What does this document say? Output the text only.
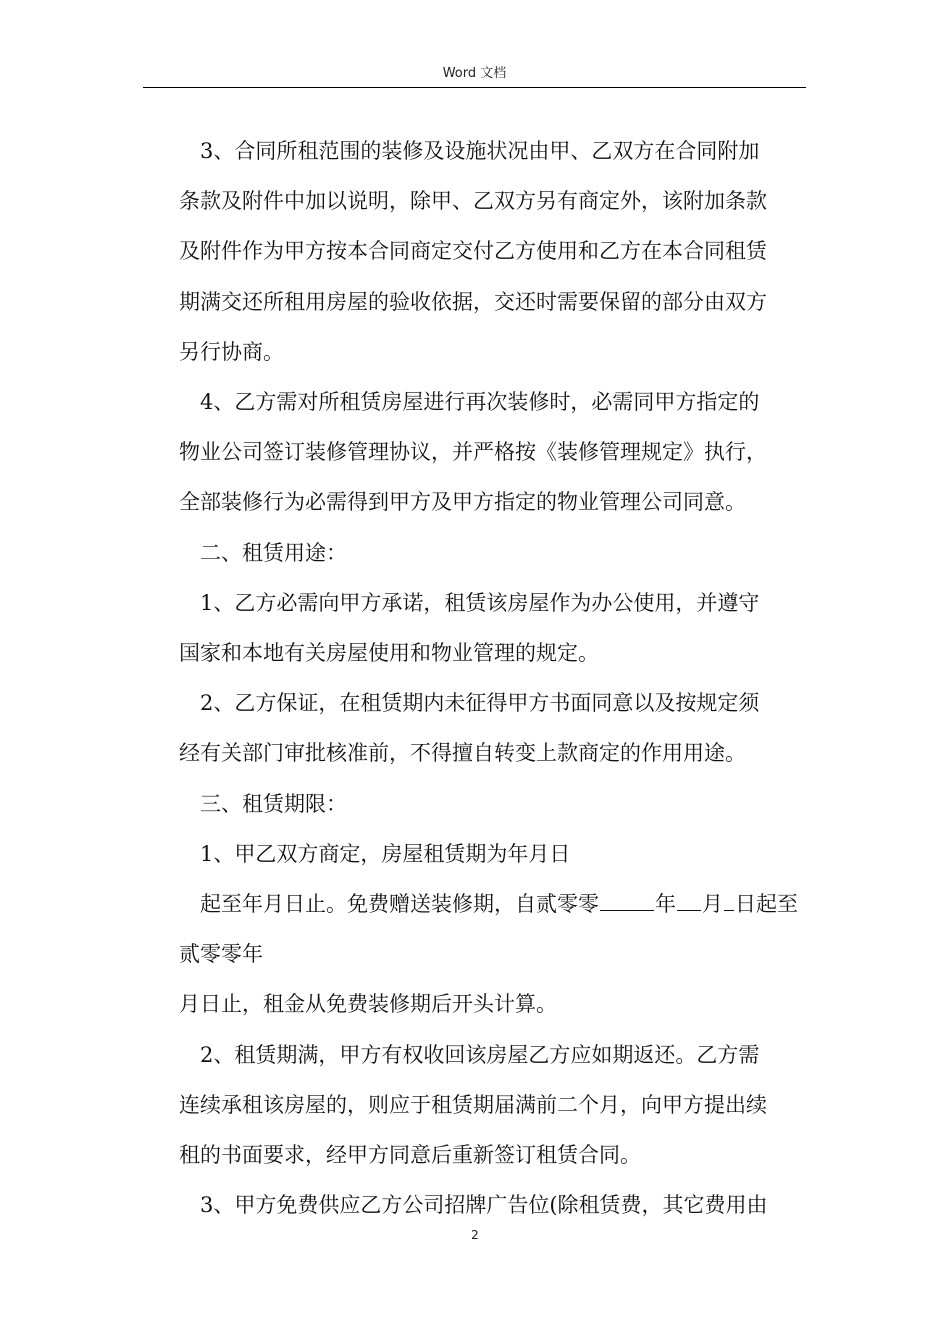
Word 文档

3、合同所租范围的装修及设施状况由甲、乙双方在合同附加
条款及附件中加以说明，除甲、乙双方另有商定外，该附加条款
及附件作为甲方按本合同商定交付乙方使用和乙方在本合同租赁
期满交还所租用房屋的验收依据，交还时需要保留的部分由双方
另行协商。

4、乙方需对所租赁房屋进行再次装修时，必需同甲方指定的
物业公司签订装修管理协议，并严格按《装修管理规定》执行，
全部装修行为必需得到甲方及甲方指定的物业管理公司同意。

二、租赁用途：

1、乙方必需向甲方承诺，租赁该房屋作为办公使用，并遵守
国家和本地有关房屋使用和物业管理的规定。

2、乙方保证，在租赁期内未征得甲方书面同意以及按规定须
经有关部门审批核准前，不得擅自转变上款商定的作用用途。

三、租赁期限：

1、甲乙双方商定，房屋租赁期为年月日

起至年月日止。免费赠送装修期，自贰零零	年 月 日起至
贰零零年

月日止，租金从免费装修期后开头计算。

2、租赁期满，甲方有权收回该房屋乙方应如期返还。乙方需
连续承租该房屋的，则应于租赁期届满前二个月，向甲方提出续
租的书面要求，经甲方同意后重新签订租赁合同。

3、甲方免费供应乙方公司招牌广告位(除租赁费，其它费用由

2
